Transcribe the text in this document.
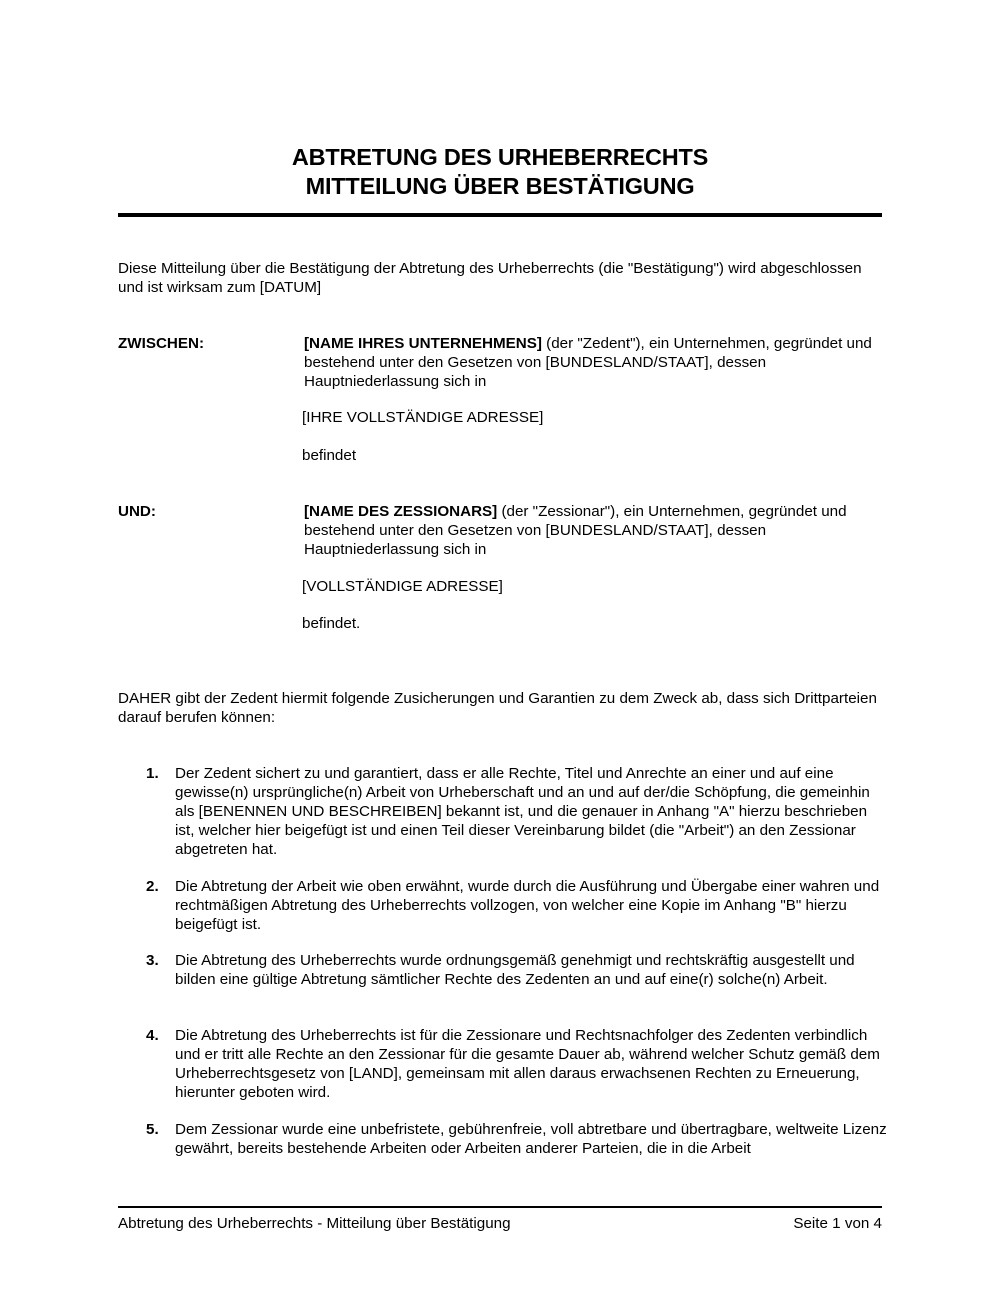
ABTRETUNG DES URHEBERRECHTS
MITTEILUNG ÜBER BESTÄTIGUNG
Diese Mitteilung über die Bestätigung der Abtretung des Urheberrechts (die "Bestätigung") wird abgeschlossen und ist wirksam zum [DATUM]
ZWISCHEN:	[NAME IHRES UNTERNEHMENS] (der "Zedent"), ein Unternehmen, gegründet und bestehend unter den Gesetzen von [BUNDESLAND/STAAT], dessen Hauptniederlassung sich in
[IHRE VOLLSTÄNDIGE ADRESSE]
befindet
UND:	[NAME DES ZESSIONARS] (der "Zessionar"), ein Unternehmen, gegründet und bestehend unter den Gesetzen von [BUNDESLAND/STAAT], dessen Hauptniederlassung sich in
[VOLLSTÄNDIGE ADRESSE]
befindet.
DAHER gibt der Zedent hiermit folgende Zusicherungen und Garantien zu dem Zweck ab, dass sich Drittparteien darauf berufen können:
1.	Der Zedent sichert zu und garantiert, dass er alle Rechte, Titel und Anrechte an einer und auf eine gewisse(n) ursprüngliche(n) Arbeit von Urheberschaft und an und auf der/die Schöpfung, die gemeinhin als [BENENNEN UND BESCHREIBEN] bekannt ist, und die genauer in Anhang "A" hierzu beschrieben ist, welcher hier beigefügt ist und einen Teil dieser Vereinbarung bildet (die "Arbeit") an den Zessionar abgetreten hat.
2.	Die Abtretung der Arbeit wie oben erwähnt, wurde durch die Ausführung und Übergabe einer wahren und rechtmäßigen Abtretung des Urheberrechts vollzogen, von welcher eine Kopie im Anhang "B" hierzu beigefügt ist.
3.	Die Abtretung des Urheberrechts wurde ordnungsgemäß genehmigt und rechtskräftig ausgestellt und bilden eine gültige Abtretung sämtlicher Rechte des Zedenten an und auf eine(r) solche(n) Arbeit.
4.	Die Abtretung des Urheberrechts ist für die Zessionare und Rechtsnachfolger des Zedenten verbindlich und er tritt alle Rechte an den Zessionar für die gesamte Dauer ab, während welcher Schutz gemäß dem Urheberrechtsgesetz von [LAND], gemeinsam mit allen daraus erwachsenen Rechten zu Erneuerung, hierunter geboten wird.
5.	Dem Zessionar wurde eine unbefristete, gebührenfreie, voll abtretbare und übertragbare, weltweite Lizenz gewährt, bereits bestehende Arbeiten oder Arbeiten anderer Parteien, die in die Arbeit
Abtretung des Urheberrechts - Mitteilung über Bestätigung	Seite 1 von 4
